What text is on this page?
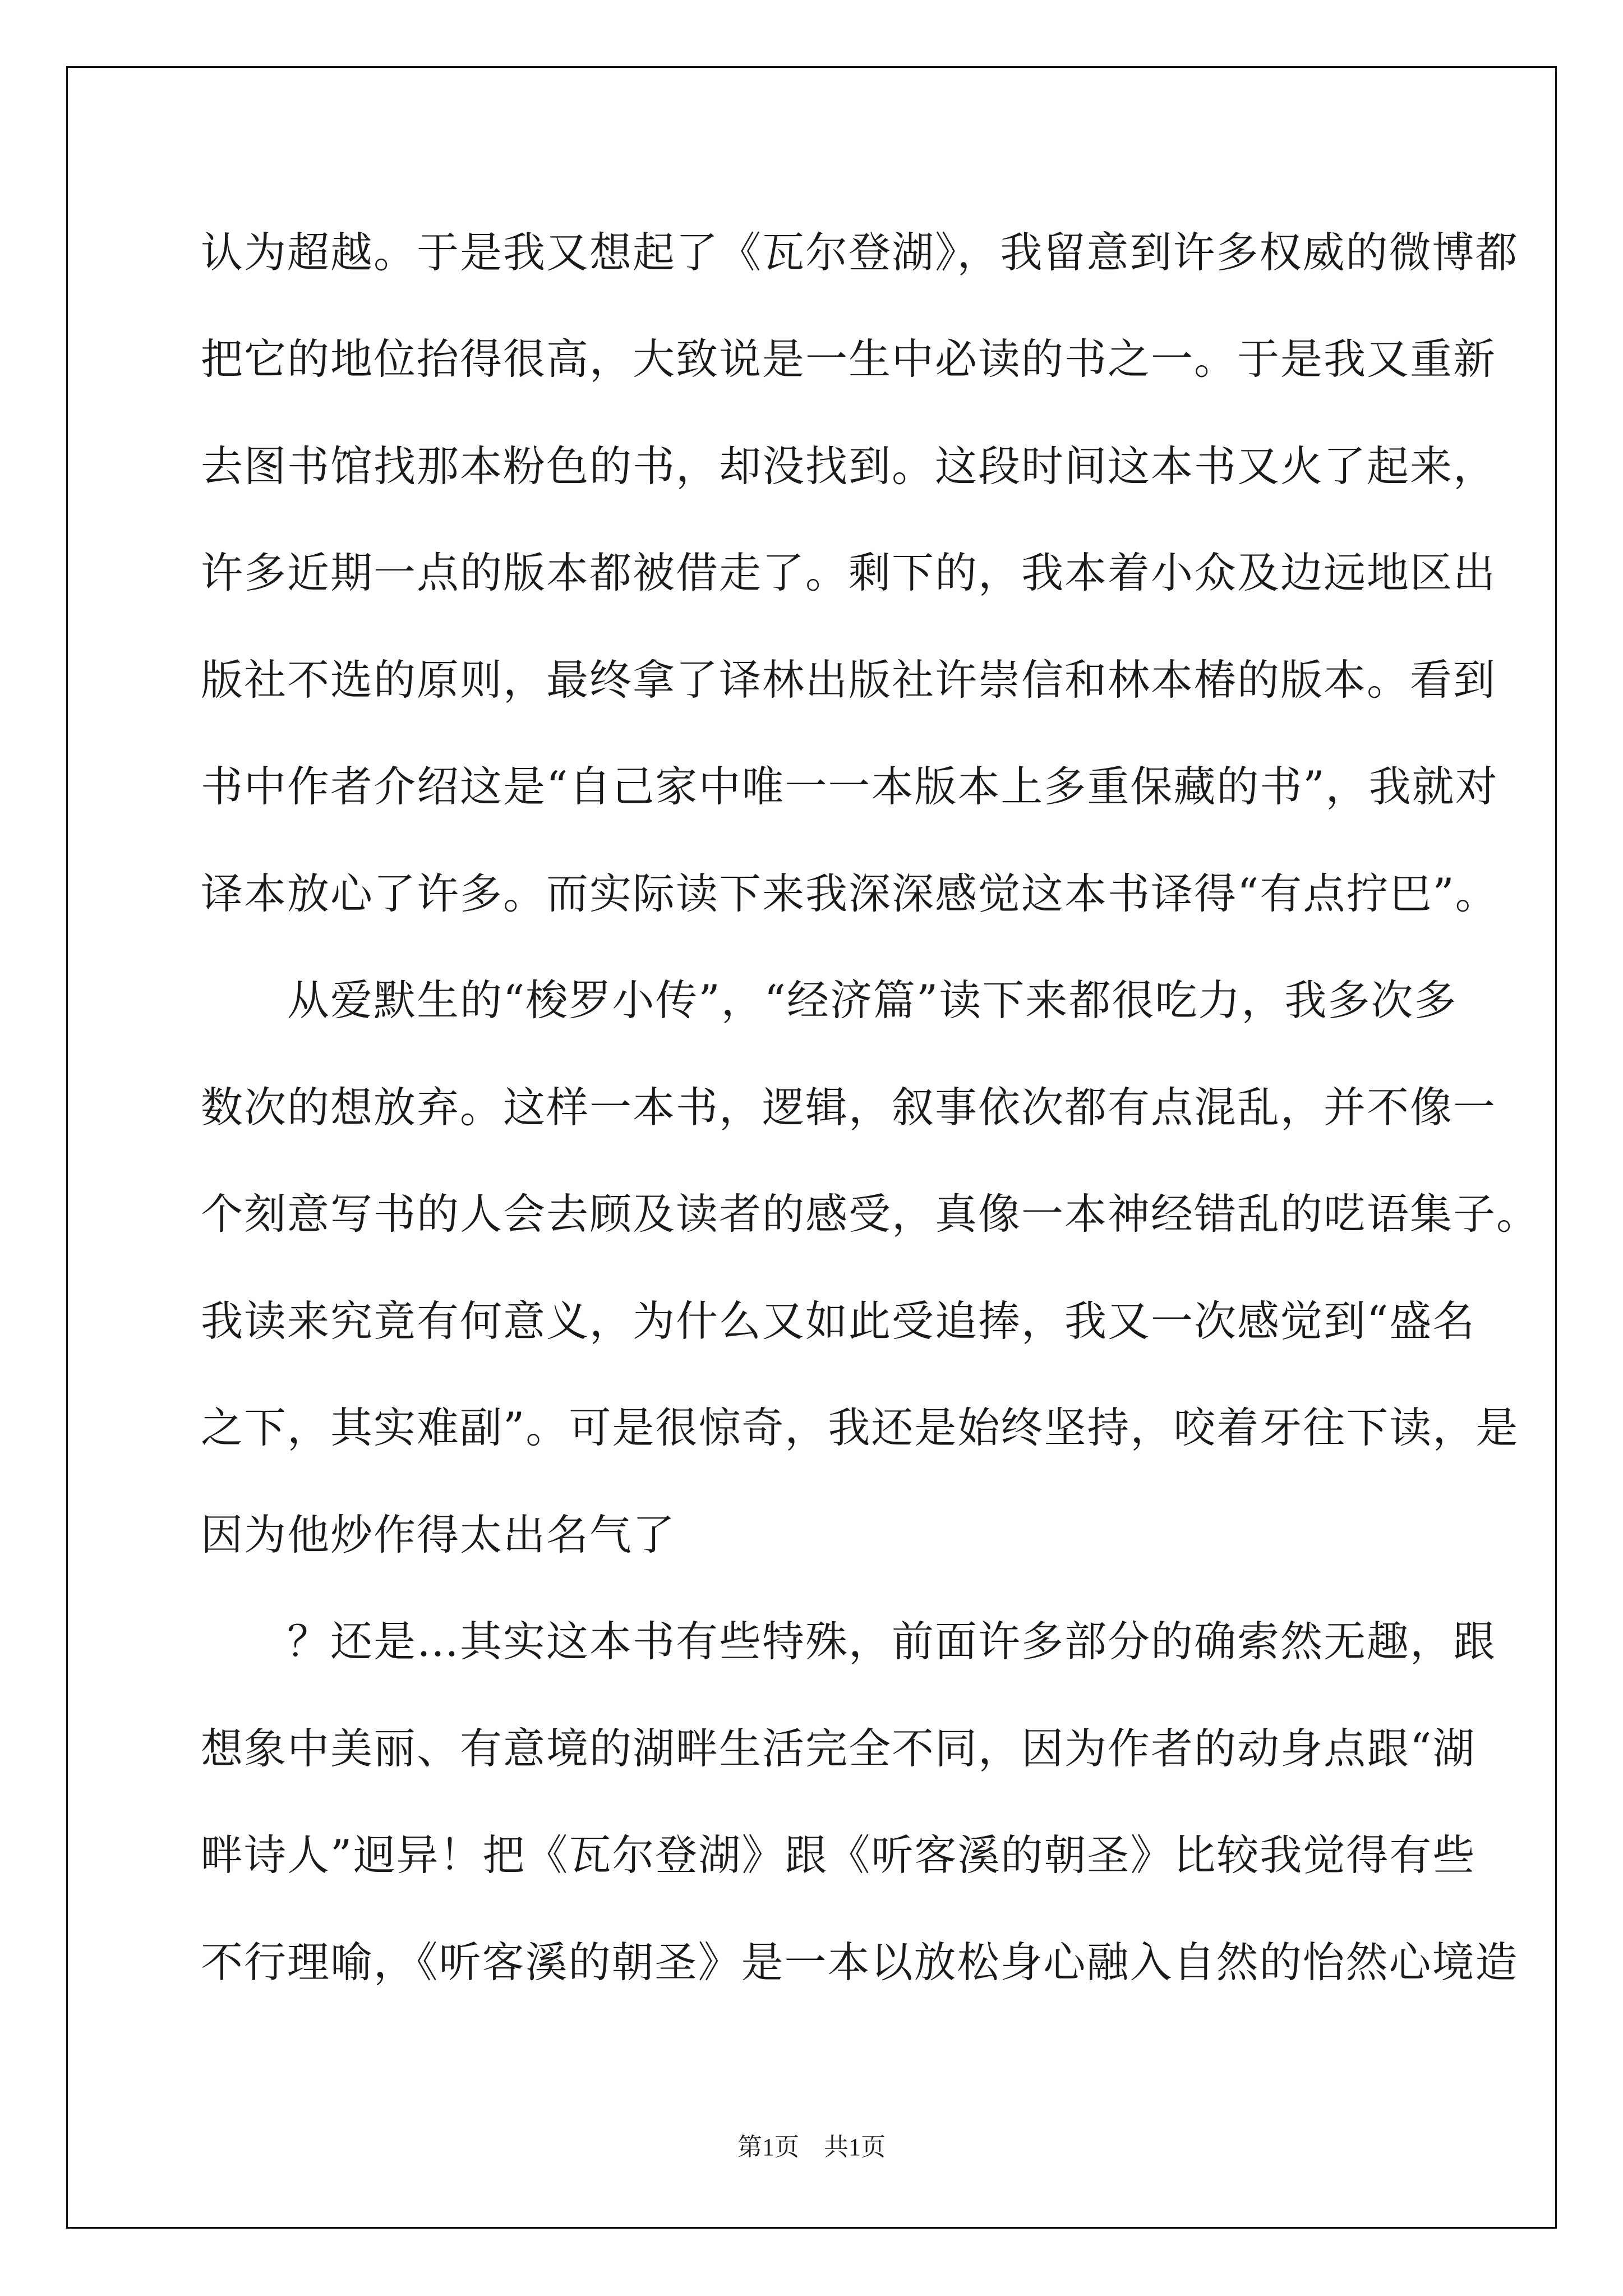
认为超越。于是我又想起了《瓦尔登湖》，我留意到许多权威的微博都
把它的地位抬得很高，大致说是一生中必读的书之一。于是我又重新
去图书馆找那本粉色的书，却没找到。这段时间这本书又火了起来，
许多近期一点的版本都被借走了。剩下的，我本着小众及边远地区出
版社不选的原则，最终拿了译林出版社许崇信和林本椿的版本。看到
书中作者介绍这是“自己家中唯一一本版本上多重保藏的书”，我就对
译本放心了许多。而实际读下来我深深感觉这本书译得“有点拧巴”。
　　从爱默生的“梭罗小传”，“经济篇”读下来都很吃力，我多次多
数次的想放弃。这样一本书，逻辑，叙事依次都有点混乱，并不像一
个刻意写书的人会去顾及读者的感受，真像一本神经错乱的呓语集子。
我读来究竟有何意义，为什么又如此受追捧，我又一次感觉到“盛名
之下，其实难副”。可是很惊奇，我还是始终坚持，咬着牙往下读，是
因为他炒作得太出名气了
　　？还是…其实这本书有些特殊，前面许多部分的确索然无趣，跟
想象中美丽、有意境的湖畔生活完全不同，因为作者的动身点跟“湖
畔诗人”迥异！把《瓦尔登湖》跟《听客溪的朝圣》比较我觉得有些
不行理喻，《听客溪的朝圣》是一本以放松身心融入自然的怡然心境造
第1页　共1页
